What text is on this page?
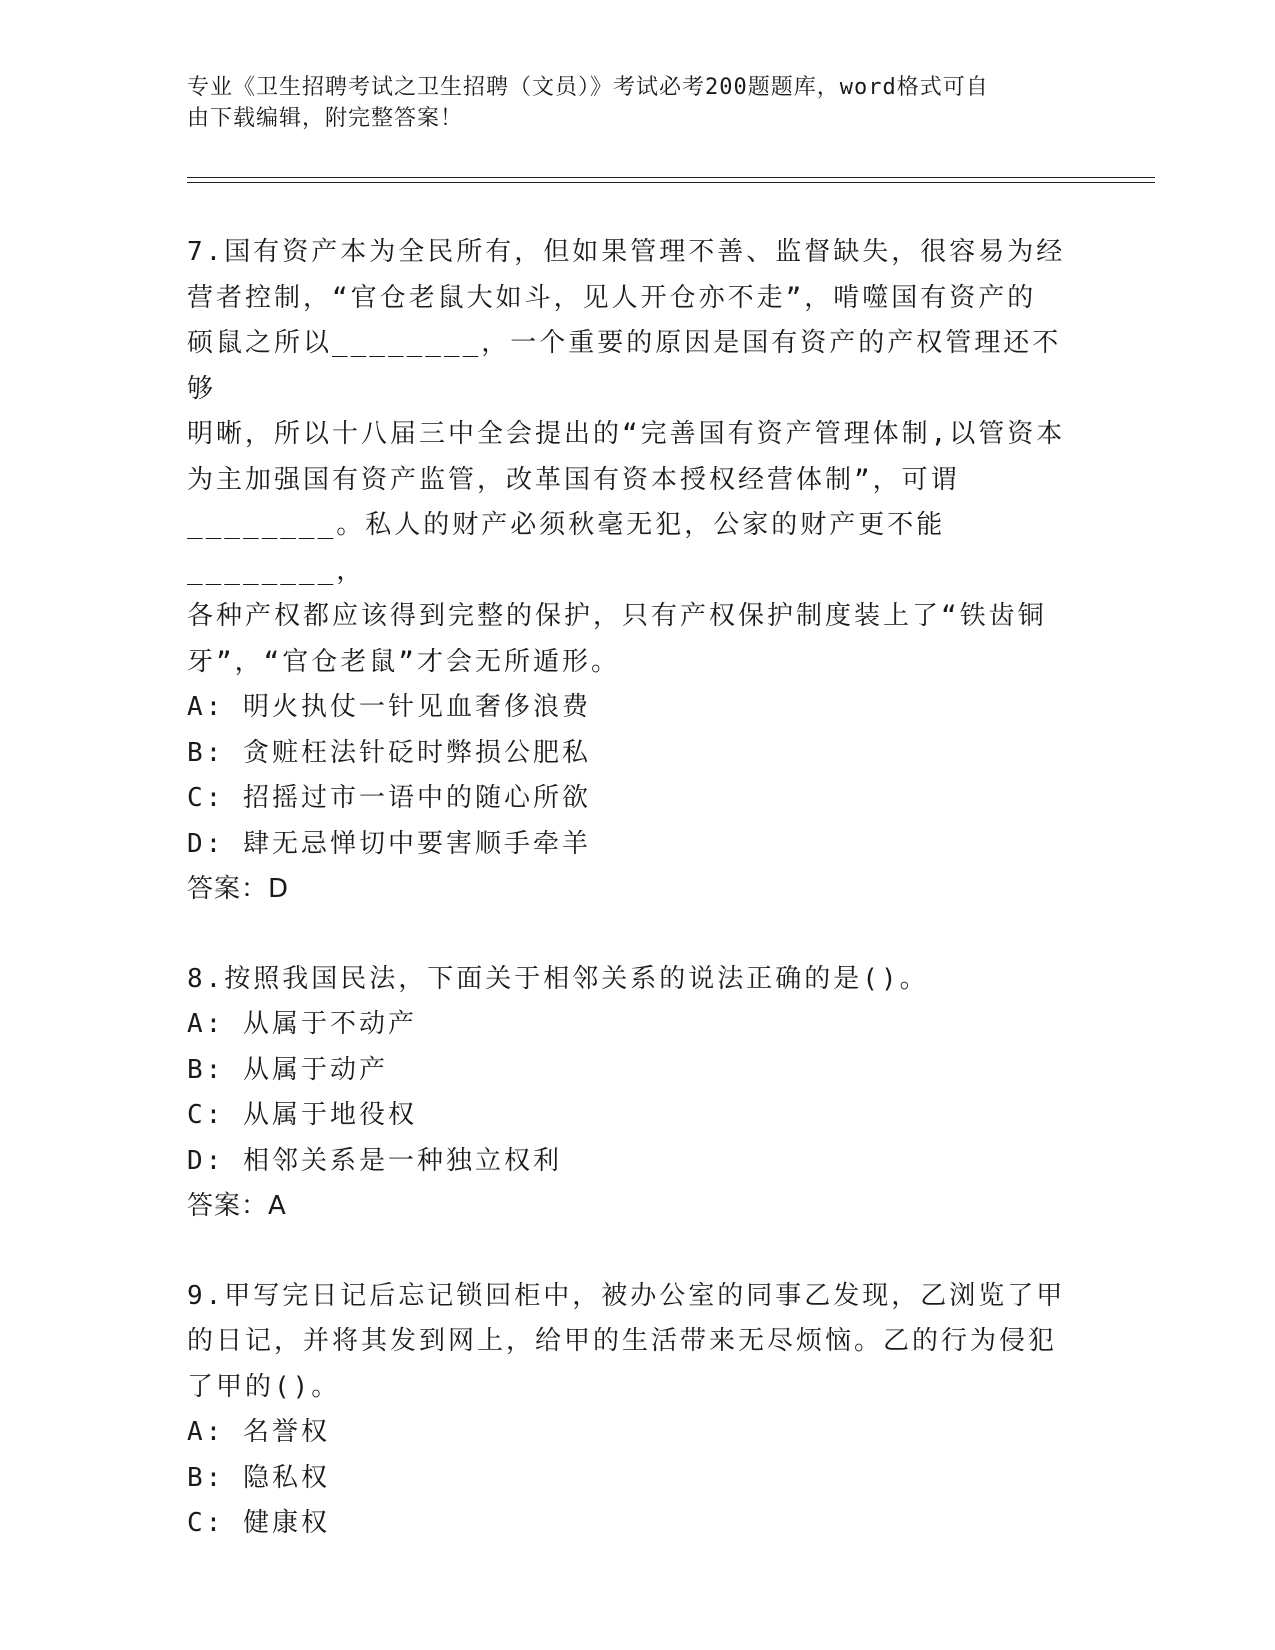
专业《卫生招聘考试之卫生招聘（文员）》考试必考200题题库，word格式可自
由下载编辑，附完整答案！
7.国有资产本为全民所有，但如果管理不善、监督缺失，很容易为经
营者控制，“官仓老鼠大如斗，见人开仓亦不走”，啃噬国有资产的
硕鼠之所以________，一个重要的原因是国有资产的产权管理还不够
明晰，所以十八届三中全会提出的“完善国有资产管理体制,以管资本
为主加强国有资产监管，改革国有资本授权经营体制”，可谓
________。私人的财产必须秋毫无犯，公家的财产更不能________，
各种产权都应该得到完整的保护，只有产权保护制度装上了“铁齿铜
牙”，“官仓老鼠”才会无所遁形。
A: 明火执仗一针见血奢侈浪费
B: 贪赃枉法针砭时弊损公肥私
C: 招摇过市一语中的随心所欲
D: 肆无忌惮切中要害顺手牵羊
答案：D
8.按照我国民法，下面关于相邻关系的说法正确的是()。
A: 从属于不动产
B: 从属于动产
C: 从属于地役权
D: 相邻关系是一种独立权利
答案：A
9.甲写完日记后忘记锁回柜中，被办公室的同事乙发现，乙浏览了甲
的日记，并将其发到网上，给甲的生活带来无尽烦恼。乙的行为侵犯
了甲的()。
A: 名誉权
B: 隐私权
C: 健康权
